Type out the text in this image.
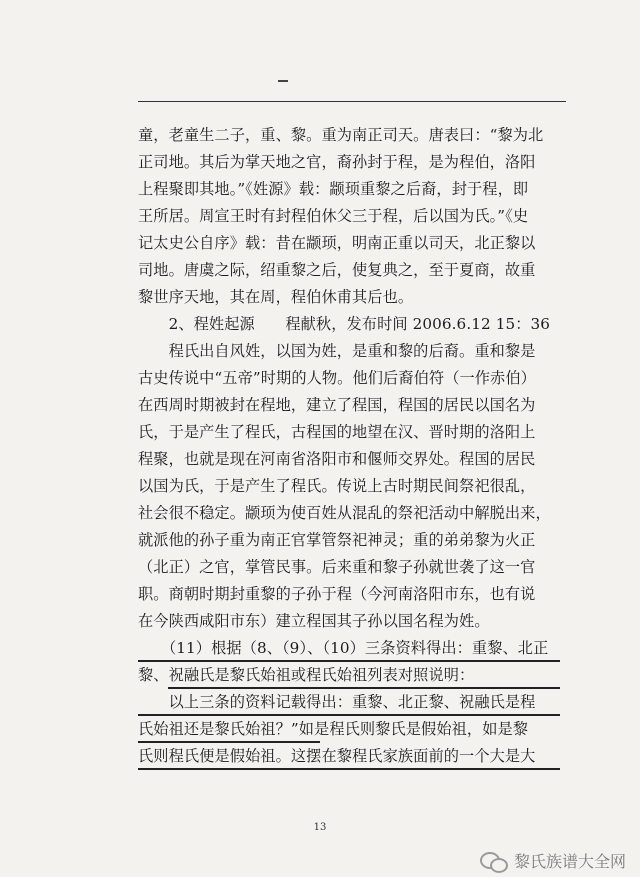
童，老童生二子，重、黎。重为南正司天。唐表曰：“黎为北
正司地。其后为掌天地之官，裔孙封于程，是为程伯，洛阳
上程聚即其地。”《姓源》载：颛顼重黎之后裔，封于程，即
王所居。周宣王时有封程伯休父三于程，后以国为氏。”《史
记太史公自序》载：昔在颛顼，明南正重以司天，北正黎以
司地。唐虞之际，绍重黎之后，使复典之，至于夏商，故重
黎世序天地，其在周，程伯休甫其后也。
　　2、程姓起源　　程献秋，发布时间 2006.6.12 15：36
　　程氏出自风姓，以国为姓，是重和黎的后裔。重和黎是
古史传说中“五帝”时期的人物。他们后裔伯符（一作赤伯）
在西周时期被封在程地，建立了程国，程国的居民以国名为
氏，于是产生了程氏，古程国的地望在汉、晋时期的洛阳上
程聚，也就是现在河南省洛阳市和偃师交界处。程国的居民
以国为氏，于是产生了程氏。传说上古时期民间祭祀很乱，
社会很不稳定。颛顼为使百姓从混乱的祭祀活动中解脱出来，
就派他的孙子重为南正官掌管祭祀神灵；重的弟弟黎为火正
（北正）之官，掌管民事。后来重和黎子孙就世袭了这一官
职。商朝时期封重黎的子孙于程（今河南洛阳市东，也有说
在今陕西咸阳市东）建立程国其子孙以国名程为姓。
　　（11）根据（8、（9）、（10）三条资料得出：重黎、北正
黎、祝融氏是黎氏始祖或程氏始祖列表对照说明：
　　以上三条的资料记载得出：重黎、北正黎、祝融氏是程
氏始祖还是黎氏始祖？”如是程氏则黎氏是假始祖，如是黎
氏则程氏便是假始祖。这摆在黎程氏家族面前的一个大是大
13
黎氏族谱大全网
